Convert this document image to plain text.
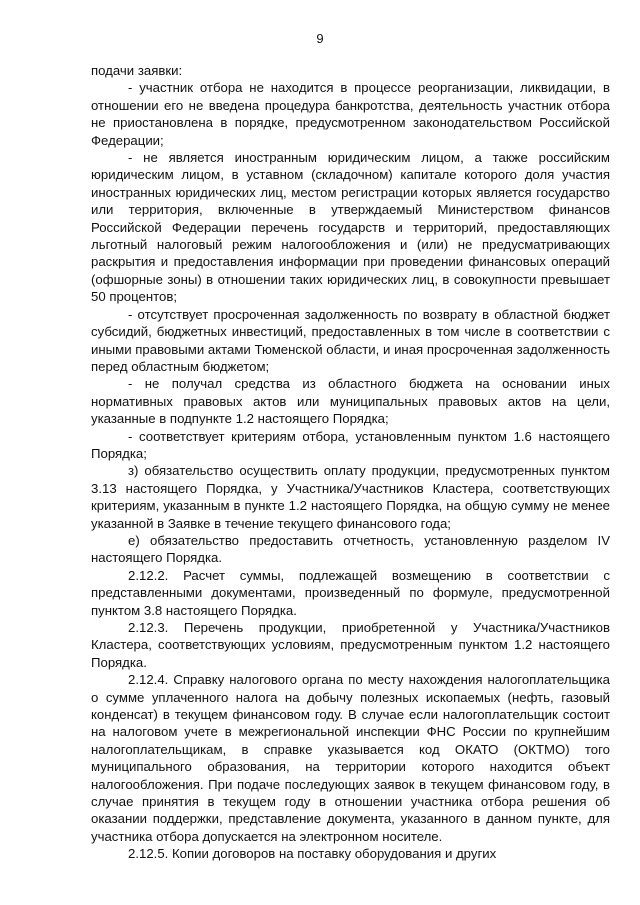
9

подачи заявки:

- участник отбора не находится в процессе реорганизации, ликвидации, в отношении его не введена процедура банкротства, деятельность участник отбора не приостановлена в порядке, предусмотренном законодательством Российской Федерации;

- не является иностранным юридическим лицом, а также российским юридическим лицом, в уставном (складочном) капитале которого доля участия иностранных юридических лиц, местом регистрации которых является государство или территория, включенные в утверждаемый Министерством финансов Российской Федерации перечень государств и территорий, предоставляющих льготный налоговый режим налогообложения и (или) не предусматривающих раскрытия и предоставления информации при проведении финансовых операций (офшорные зоны) в отношении таких юридических лиц, в совокупности превышает 50 процентов;

- отсутствует просроченная задолженность по возврату в областной бюджет субсидий, бюджетных инвестиций, предоставленных в том числе в соответствии с иными правовыми актами Тюменской области, и иная просроченная задолженность перед областным бюджетом;

- не получал средства из областного бюджета на основании иных нормативных правовых актов или муниципальных правовых актов на цели, указанные в подпункте 1.2 настоящего Порядка;

- соответствует критериям отбора, установленным пунктом 1.6 настоящего Порядка;

з) обязательство осуществить оплату продукции, предусмотренных пунктом 3.13 настоящего Порядка, у Участника/Участников Кластера, соответствующих критериям, указанным в пункте 1.2 настоящего Порядка, на общую сумму не менее указанной в Заявке в течение текущего финансового года;

е) обязательство предоставить отчетность, установленную разделом IV настоящего Порядка.

2.12.2. Расчет суммы, подлежащей возмещению в соответствии с представленными документами, произведенный по формуле, предусмотренной пунктом 3.8 настоящего Порядка.

2.12.3. Перечень продукции, приобретенной у Участника/Участников Кластера, соответствующих условиям, предусмотренным пунктом 1.2 настоящего Порядка.

2.12.4. Справку налогового органа по месту нахождения налогоплательщика о сумме уплаченного налога на добычу полезных ископаемых (нефть, газовый конденсат) в текущем финансовом году. В случае если налогоплательщик состоит на налоговом учете в межрегиональной инспекции ФНС России по крупнейшим налогоплательщикам, в справке указывается код ОКАТО (ОКТМО) того муниципального образования, на территории которого находится объект налогообложения. При подаче последующих заявок в текущем финансовом году, в случае принятия в текущем году в отношении участника отбора решения об оказании поддержки, представление документа, указанного в данном пункте, для участника отбора допускается на электронном носителе.

2.12.5. Копии договоров на поставку оборудования и других
